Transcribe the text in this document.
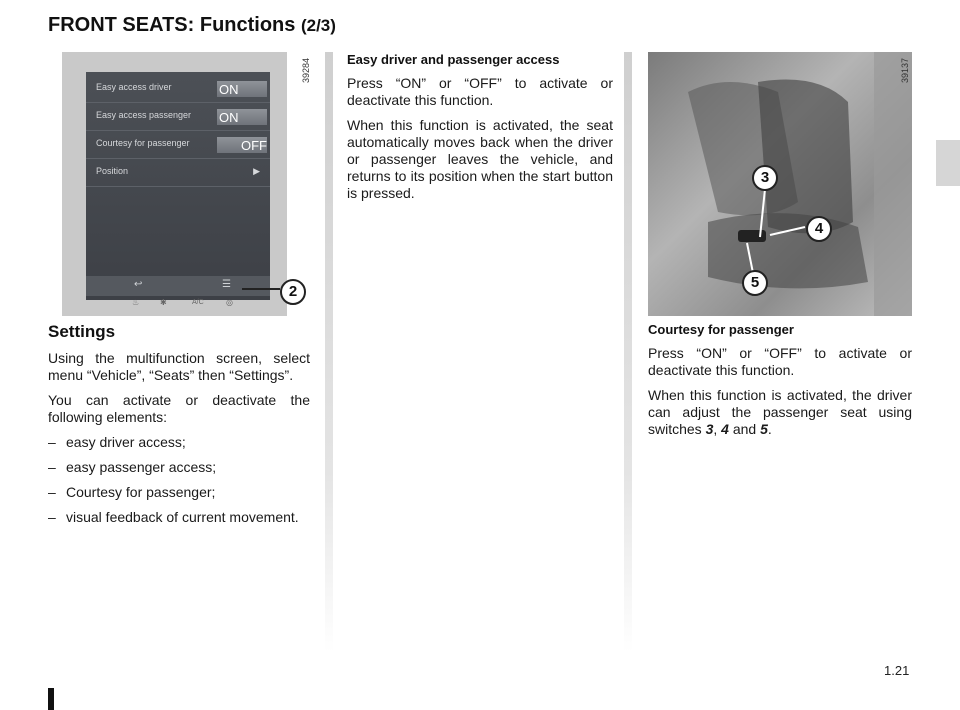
FRONT SEATS: Functions (2/3)
Easy access driver	ON
Easy access passenger ON
Courtesy for passenger	OFF
Position	▶
↩	☰
♨	✱	A/C	◎
2
39284
Settings

Using the multifunction screen, select menu “Vehicle”, “Seats” then “Settings”.

You can activate or deactivate the following elements:

– easy driver access;
– easy passenger access;
– Courtesy for passenger;
– visual feedback of current movement.
Easy driver and passenger access

Press “ON” or “OFF” to activate or deactivate this function.

When this function is activated, the seat automatically moves back when the driver or passenger leaves the vehicle, and returns to its position when the start button is pressed.

3
4
5
39137
Courtesy for passenger

Press “ON” or “OFF” to activate or deactivate this function.

When this function is activated, the driver can adjust the passenger seat using switches 3, 4 and 5.

1.21
